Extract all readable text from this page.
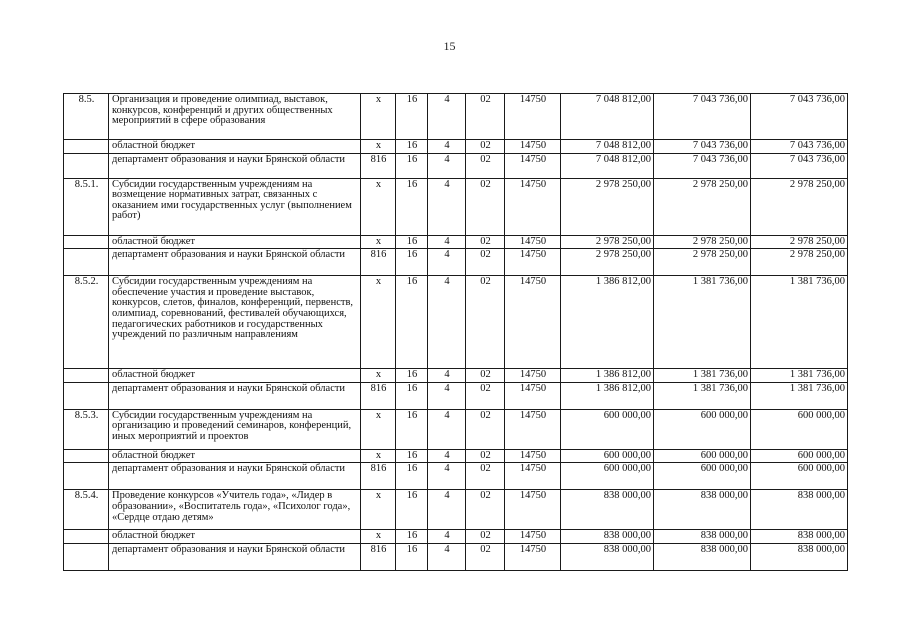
15
8.5.	Организация и проведение олимпиад, выставок, конкурсов, конференций и других общественных мероприятий в сфере образования	x	16	4	02	14750	7 048 812,00	7 043 736,00	7 043 736,00
	областной бюджет	x	16	4	02	14750	7 048 812,00	7 043 736,00	7 043 736,00
	департамент образования и науки Брянской области	816	16	4	02	14750	7 048 812,00	7 043 736,00	7 043 736,00
8.5.1.	Субсидии государственным учреждениям на возмещение нормативных затрат, связанных с оказанием ими государственных услуг (выполнением работ)	x	16	4	02	14750	2 978 250,00	2 978 250,00	2 978 250,00
	областной бюджет	x	16	4	02	14750	2 978 250,00	2 978 250,00	2 978 250,00
	департамент образования и науки Брянской области	816	16	4	02	14750	2 978 250,00	2 978 250,00	2 978 250,00
8.5.2.	Субсидии государственным учреждениям на обеспечение участия и проведение выставок, конкурсов, слетов, финалов, конференций, первенств, олимпиад, соревнований, фестивалей обучающихся, педагогических работников и государственных учреждений по различным направлениям	x	16	4	02	14750	1 386 812,00	1 381 736,00	1 381 736,00
	областной бюджет	x	16	4	02	14750	1 386 812,00	1 381 736,00	1 381 736,00
	департамент образования и науки Брянской области	816	16	4	02	14750	1 386 812,00	1 381 736,00	1 381 736,00
8.5.3.	Субсидии государственным учреждениям на организацию и проведений семинаров, конференций, иных мероприятий и проектов	x	16	4	02	14750	600 000,00	600 000,00	600 000,00
	областной бюджет	x	16	4	02	14750	600 000,00	600 000,00	600 000,00
	департамент образования и науки Брянской области	816	16	4	02	14750	600 000,00	600 000,00	600 000,00
8.5.4.	Проведение конкурсов «Учитель года», «Лидер в образовании», «Воспитатель года», «Психолог года», «Сердце отдаю детям»	x	16	4	02	14750	838 000,00	838 000,00	838 000,00
	областной бюджет	x	16	4	02	14750	838 000,00	838 000,00	838 000,00
	департамент образования и науки Брянской области	816	16	4	02	14750	838 000,00	838 000,00	838 000,00
